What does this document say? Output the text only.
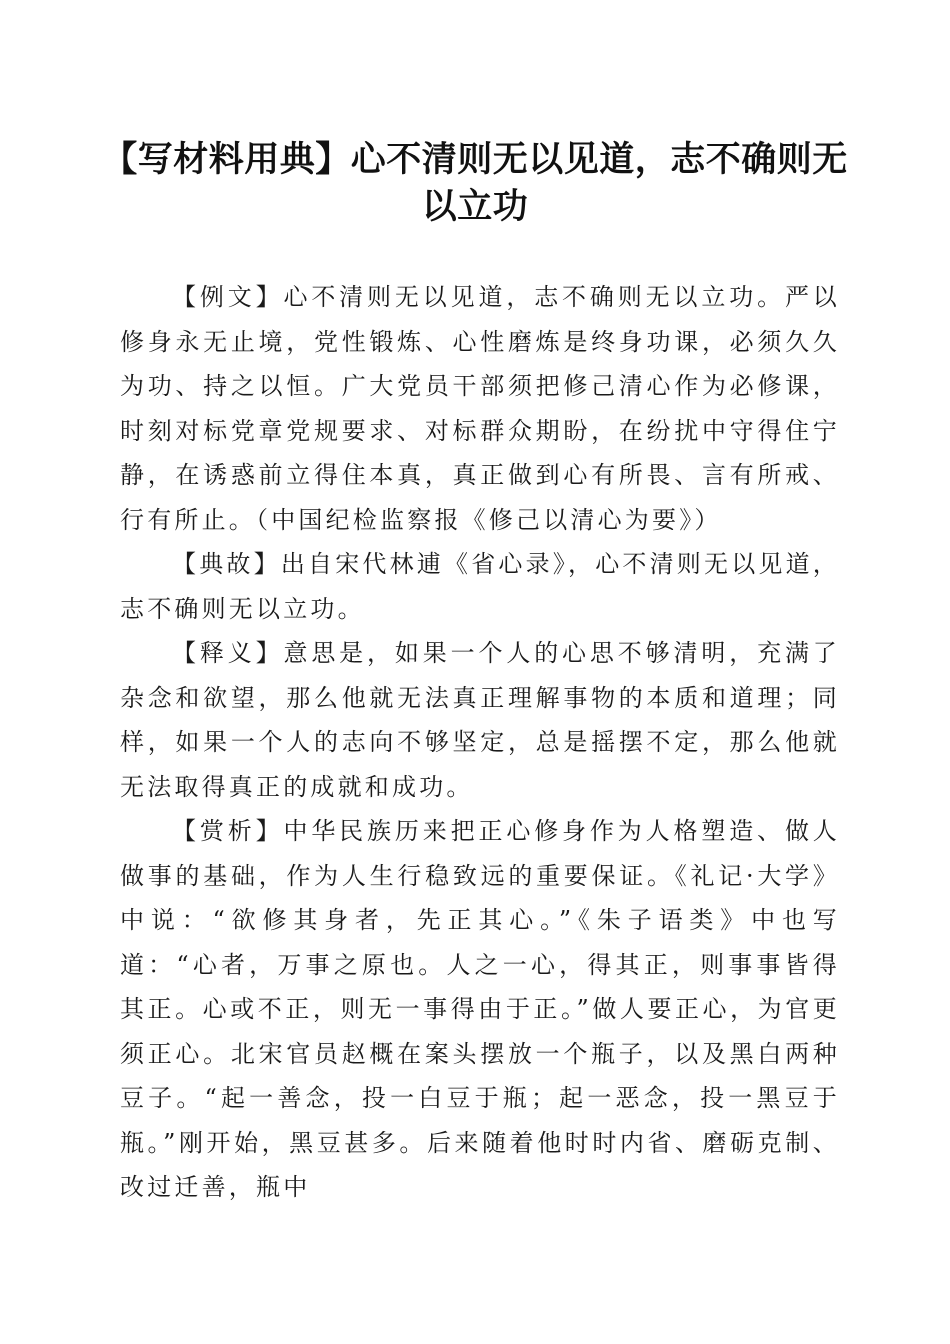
【写材料用典】心不清则无以见道，志不确则无以立功

【例文】心不清则无以见道，志不确则无以立功。严以修身永无止境，党性锻炼、心性磨炼是终身功课，必须久久为功、持之以恒。广大党员干部须把修己清心作为必修课，时刻对标党章党规要求、对标群众期盼，在纷扰中守得住宁静，在诱惑前立得住本真，真正做到心有所畏、言有所戒、行有所止。（中国纪检监察报《修己以清心为要》）

【典故】出自宋代林逋《省心录》，心不清则无以见道，志不确则无以立功。

【释义】意思是，如果一个人的心思不够清明，充满了杂念和欲望，那么他就无法真正理解事物的本质和道理；同样，如果一个人的志向不够坚定，总是摇摆不定，那么他就无法取得真正的成就和成功。

【赏析】中华民族历来把正心修身作为人格塑造、做人做事的基础，作为人生行稳致远的重要保证。《礼记·大学》中说：“欲修其身者，先正其心。”《朱子语类》中也写道：“心者，万事之原也。人之一心，得其正，则事事皆得其正。心或不正，则无一事得由于正。”做人要正心，为官更须正心。北宋官员赵概在案头摆放一个瓶子，以及黑白两种豆子。“起一善念，投一白豆于瓶；起一恶念，投一黑豆于瓶。”刚开始，黑豆甚多。后来随着他时时内省、磨砺克制、改过迁善，瓶中
